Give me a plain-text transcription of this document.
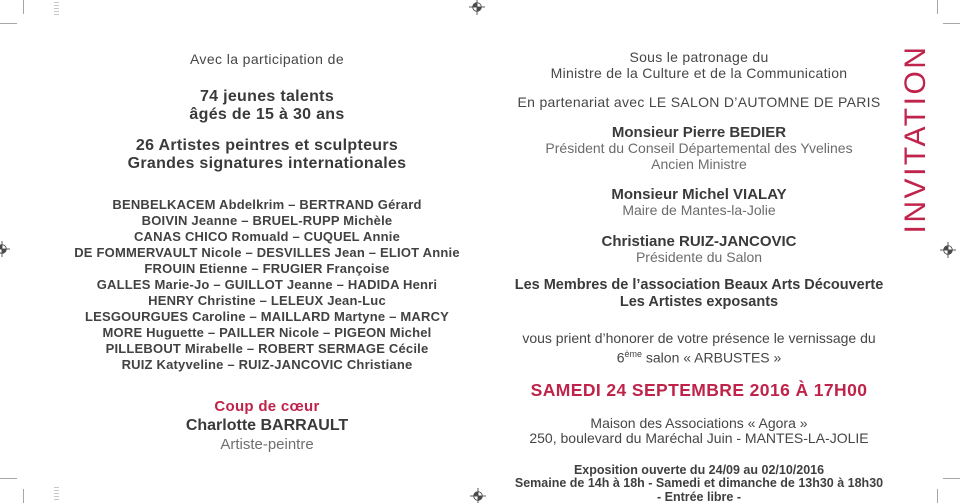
Avec la participation de
74 jeunes talents
âgés de 15 à 30 ans
26 Artistes peintres et sculpteurs
Grandes signatures internationales
BENBELKACEM Abdelkrim – BERTRAND Gérard
BOIVIN Jeanne – BRUEL-RUPP Michèle
CANAS CHICO Romuald – CUQUEL Annie
DE FOMMERVAULT Nicole – DESVILLES Jean – ELIOT Annie
FROUIN Etienne – FRUGIER Françoise
GALLES Marie-Jo – GUILLOT Jeanne – HADIDA Henri
HENRY Christine – LELEUX Jean-Luc
LESGOURGUES Caroline – MAILLARD Martyne – MARCY
MORE Huguette – PAILLER Nicole – PIGEON Michel
PILLEBOUT Mirabelle – ROBERT SERMAGE Cécile
RUIZ Katyveline – RUIZ-JANCOVIC Christiane
Coup de cœur
Charlotte BARRAULT
Artiste-peintre
Sous le patronage du
Ministre de la Culture et de la Communication
En partenariat avec LE SALON D’AUTOMNE DE PARIS
Monsieur Pierre BEDIER
Président du Conseil Départemental des Yvelines
Ancien Ministre
Monsieur Michel VIALAY
Maire de Mantes-la-Jolie
Christiane RUIZ-JANCOVIC
Présidente du Salon
Les Membres de l’association Beaux Arts Découverte
Les Artistes exposants
vous prient d’honorer de votre présence le vernissage du
6ème salon « ARBUSTES »
SAMEDI 24 SEPTEMBRE 2016 À 17H00
Maison des Associations « Agora »
250, boulevard du Maréchal Juin - MANTES-LA-JOLIE
Exposition ouverte du 24/09 au 02/10/2016
Semaine de 14h à 18h - Samedi et dimanche de 13h30 à 18h30
- Entrée libre -
INVITATION
